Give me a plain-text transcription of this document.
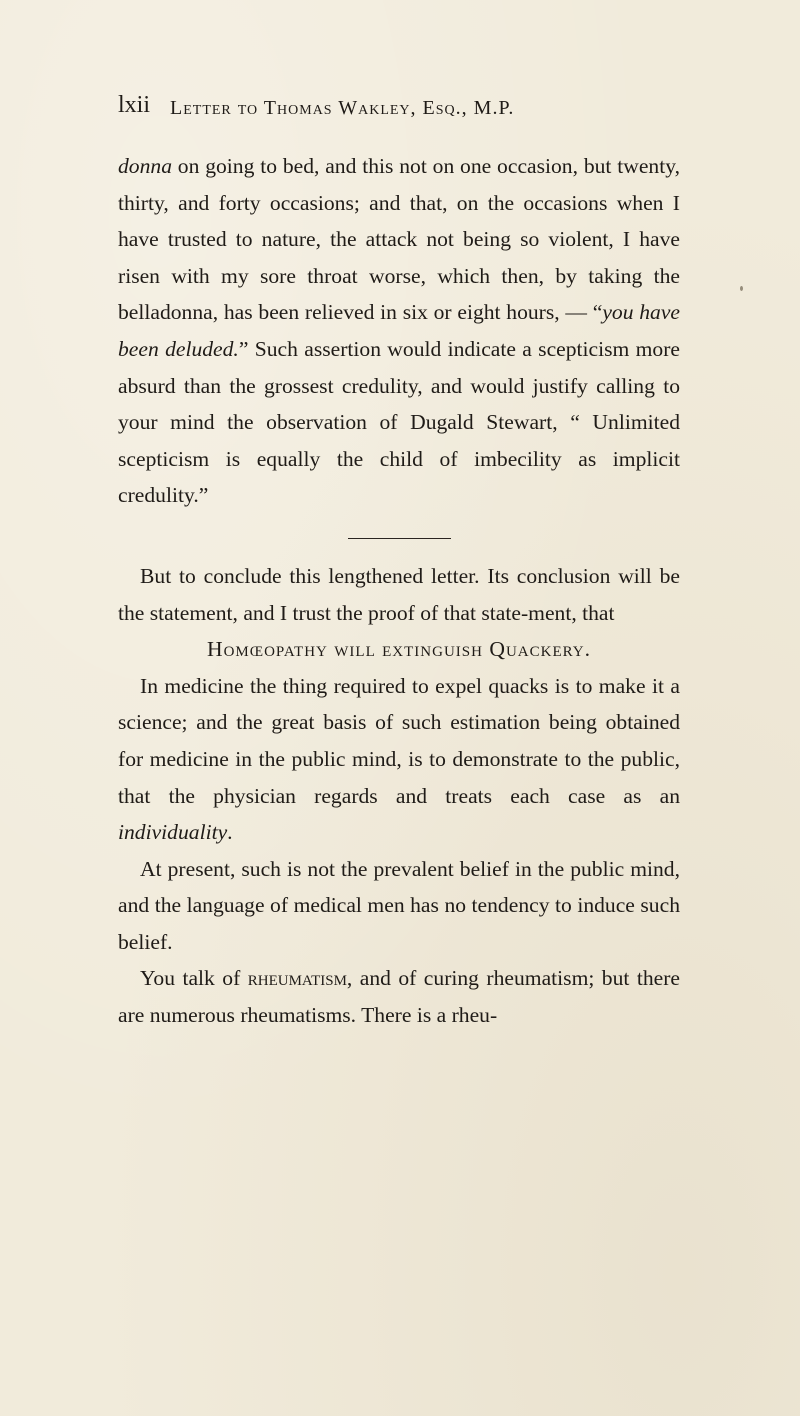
lxii Letter to Thomas Wakley, Esq., M.P.

donna on going to bed, and this not on one occasion, but twenty, thirty, and forty occasions; and that, on the occasions when I have trusted to nature, the attack not being so violent, I have risen with my sore throat worse, which then, by taking the belladonna, has been relieved in six or eight hours, — “you have been deluded.” Such assertion would indicate a scepticism more absurd than the grossest credulity, and would justify calling to your mind the observation of Dugald Stewart, “ Unlimited scepticism is equally the child of imbecility as implicit credulity.”

But to conclude this lengthened letter. Its conclusion will be the statement, and I trust the proof of that state-ment, that

Homœopathy will extinguish Quackery.

In medicine the thing required to expel quacks is to make it a science; and the great basis of such estimation being obtained for medicine in the public mind, is to demonstrate to the public, that the physician regards and treats each case as an individuality.

At present, such is not the prevalent belief in the public mind, and the language of medical men has no tendency to induce such belief.

You talk of rheumatism, and of curing rheumatism; but there are numerous rheumatisms. There is a rheu-
